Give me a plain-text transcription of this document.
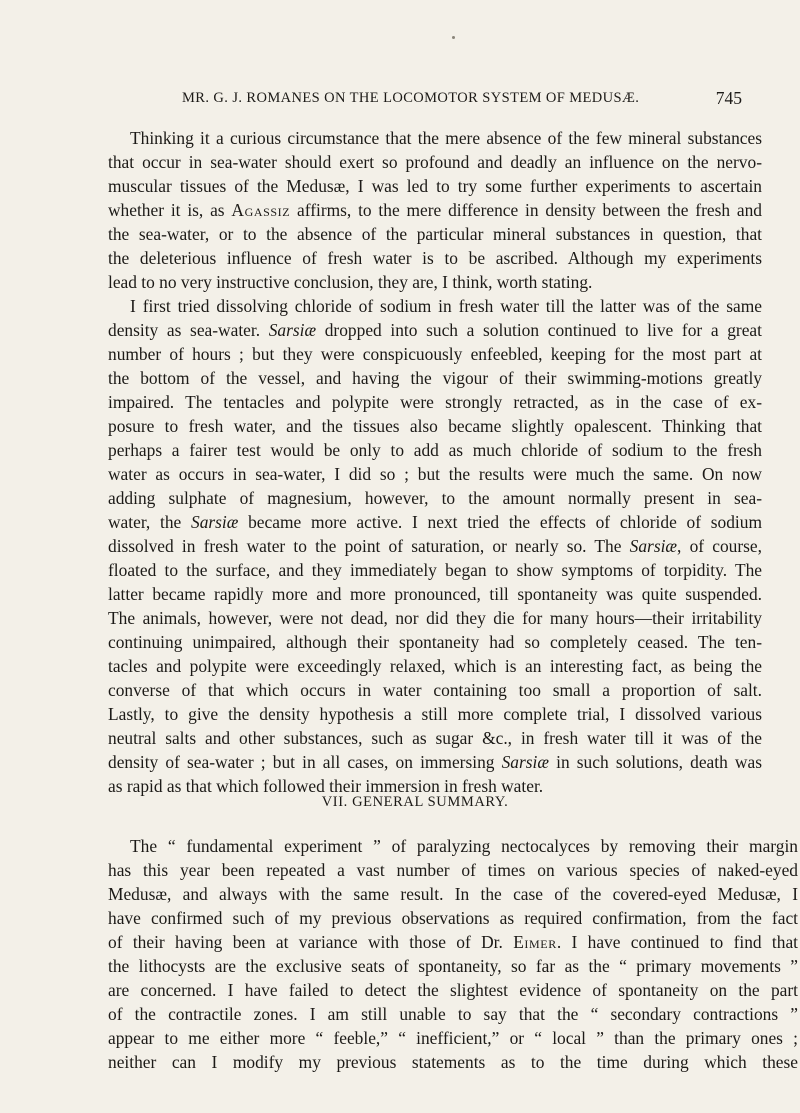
MR. G. J. ROMANES ON THE LOCOMOTOR SYSTEM OF MEDUSÆ.	745
Thinking it a curious circumstance that the mere absence of the few mineral substances
that occur in sea-water should exert so profound and deadly an influence on the nervo-
muscular tissues of the Medusæ, I was led to try some further experiments to ascertain
whether it is, as Agassiz affirms, to the mere difference in density between the fresh and
the sea-water, or to the absence of the particular mineral substances in question, that
the deleterious influence of fresh water is to be ascribed. Although my experiments
lead to no very instructive conclusion, they are, I think, worth stating.
I first tried dissolving chloride of sodium in fresh water till the latter was of the same
density as sea-water. Sarsiæ dropped into such a solution continued to live for a great
number of hours ; but they were conspicuously enfeebled, keeping for the most part at
the bottom of the vessel, and having the vigour of their swimming-motions greatly
impaired. The tentacles and polypite were strongly retracted, as in the case of ex-
posure to fresh water, and the tissues also became slightly opalescent. Thinking that
perhaps a fairer test would be only to add as much chloride of sodium to the fresh
water as occurs in sea-water, I did so ; but the results were much the same. On now
adding sulphate of magnesium, however, to the amount normally present in sea-
water, the Sarsiæ became more active. I next tried the effects of chloride of sodium
dissolved in fresh water to the point of saturation, or nearly so. The Sarsiæ, of course,
floated to the surface, and they immediately began to show symptoms of torpidity. The
latter became rapidly more and more pronounced, till spontaneity was quite suspended.
The animals, however, were not dead, nor did they die for many hours—their irritability
continuing unimpaired, although their spontaneity had so completely ceased. The ten-
tacles and polypite were exceedingly relaxed, which is an interesting fact, as being the
converse of that which occurs in water containing too small a proportion of salt.
Lastly, to give the density hypothesis a still more complete trial, I dissolved various
neutral salts and other substances, such as sugar &c., in fresh water till it was of the
density of sea-water ; but in all cases, on immersing Sarsiæ in such solutions, death was
as rapid as that which followed their immersion in fresh water.
VII. GENERAL SUMMARY.
The “ fundamental experiment ” of paralyzing nectocalyces by removing their margin
has this year been repeated a vast number of times on various species of naked-eyed
Medusæ, and always with the same result. In the case of the covered-eyed Medusæ, I
have confirmed such of my previous observations as required confirmation, from the fact
of their having been at variance with those of Dr. Eimer. I have continued to find that
the lithocysts are the exclusive seats of spontaneity, so far as the “ primary movements ”
are concerned. I have failed to detect the slightest evidence of spontaneity on the part
of the contractile zones. I am still unable to say that the “ secondary contractions ”
appear to me either more “ feeble,” “ inefficient,” or “ local ” than the primary ones ;
neither can I modify my previous statements as to the time during which these
